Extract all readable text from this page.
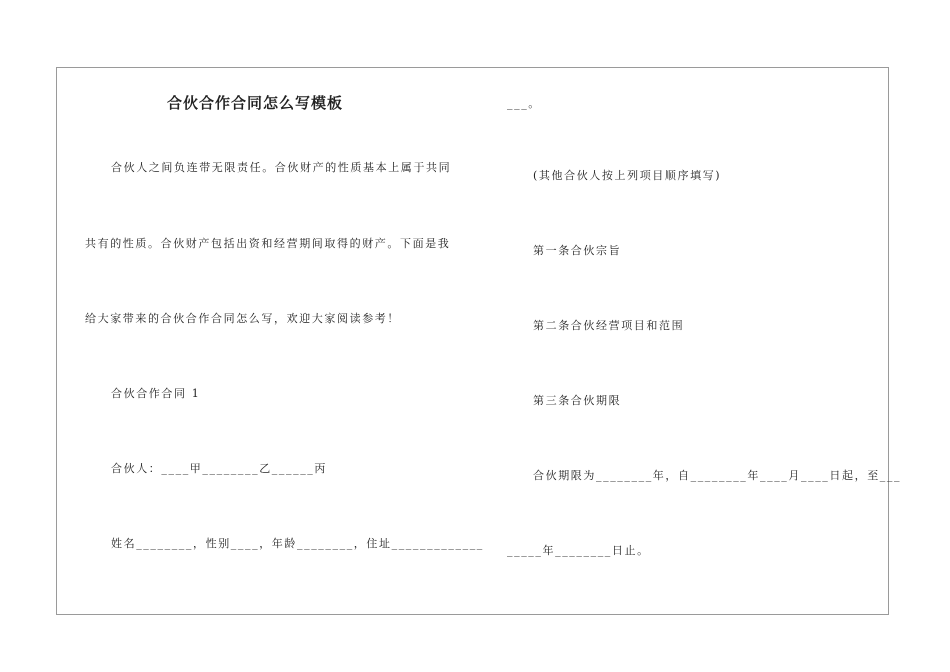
合伙合作合同怎么写模板
合伙人之间负连带无限责任。合伙财产的性质基本上属于共同
共有的性质。合伙财产包括出资和经营期间取得的财产。下面是我
给大家带来的合伙合作合同怎么写，欢迎大家阅读参考！
合伙合作合同 1
合伙人：____甲________乙______丙
姓名________，性别____，年龄________，住址_____________
___。
(其他合伙人按上列项目顺序填写)
第一条合伙宗旨
第二条合伙经营项目和范围
第三条合伙期限
合伙期限为________年，自________年____月____日起，至___
_____年________日止。
